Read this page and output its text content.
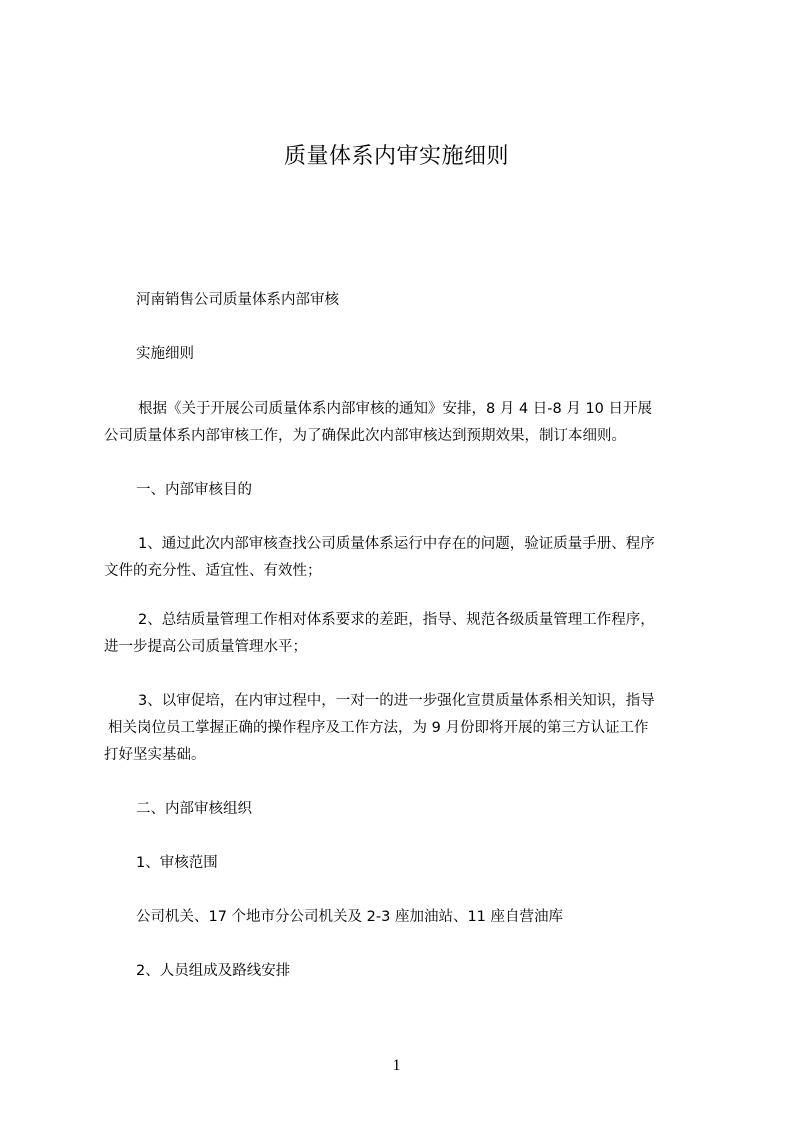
质量体系内审实施细则
河南销售公司质量体系内部审核
实施细则
根据《关于开展公司质量体系内部审核的通知》安排，8 月 4 日-8 月 10 日开展
公司质量体系内部审核工作，为了确保此次内部审核达到预期效果，制订本细则。
一、内部审核目的
1、通过此次内部审核查找公司质量体系运行中存在的问题，验证质量手册、程序
文件的充分性、适宜性、有效性；
2、总结质量管理工作相对体系要求的差距，指导、规范各级质量管理工作程序，
进一步提高公司质量管理水平；
3、以审促培，在内审过程中，一对一的进一步强化宣贯质量体系相关知识，指导
相关岗位员工掌握正确的操作程序及工作方法，为 9 月份即将开展的第三方认证工作
打好坚实基础。
二、内部审核组织
1、审核范围
公司机关、17 个地市分公司机关及 2-3 座加油站、11 座自营油库
2、人员组成及路线安排
1
